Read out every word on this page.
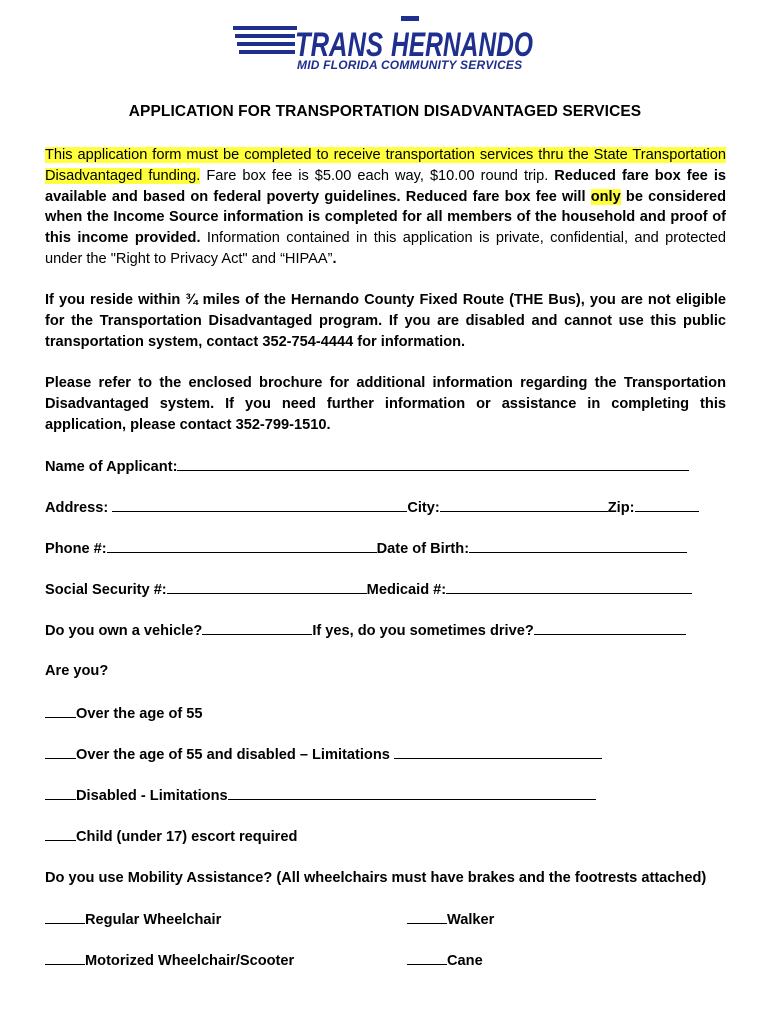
TRANS HERNANDO
MID FLORIDA COMMUNITY SERVICES
APPLICATION FOR TRANSPORTATION DISADVANTAGED SERVICES

This application form must be completed to receive transportation services thru the State Transportation Disadvantaged funding. Fare box fee is $5.00 each way, $10.00 round trip. Reduced fare box fee is available and based on federal poverty guidelines. Reduced fare box fee will only be considered when the Income Source information is completed for all members of the household and proof of this income provided. Information contained in this application is private, confidential, and protected under the "Right to Privacy Act" and “HIPAA”.

If you reside within ¾ miles of the Hernando County Fixed Route (THE Bus), you are not eligible for the Transportation Disadvantaged program. If you are disabled and cannot use this public transportation system, contact 352-754-4444 for information.

Please refer to the enclosed brochure for additional information regarding the Transportation Disadvantaged system. If you need further information or assistance in completing this application, please contact 352-799-1510.

Name of Applicant:
Address:	City:	Zip:
Phone #:	Date of Birth:
Social Security #:	Medicaid #:
Do you own a vehicle?	If yes, do you sometimes drive?
Are you?
Over the age of 55
Over the age of 55 and disabled – Limitations
Disabled - Limitations
Child (under 17) escort required
Do you use Mobility Assistance? (All wheelchairs must have brakes and the footrests attached)
Regular Wheelchair	Walker
Motorized Wheelchair/Scooter	Cane
